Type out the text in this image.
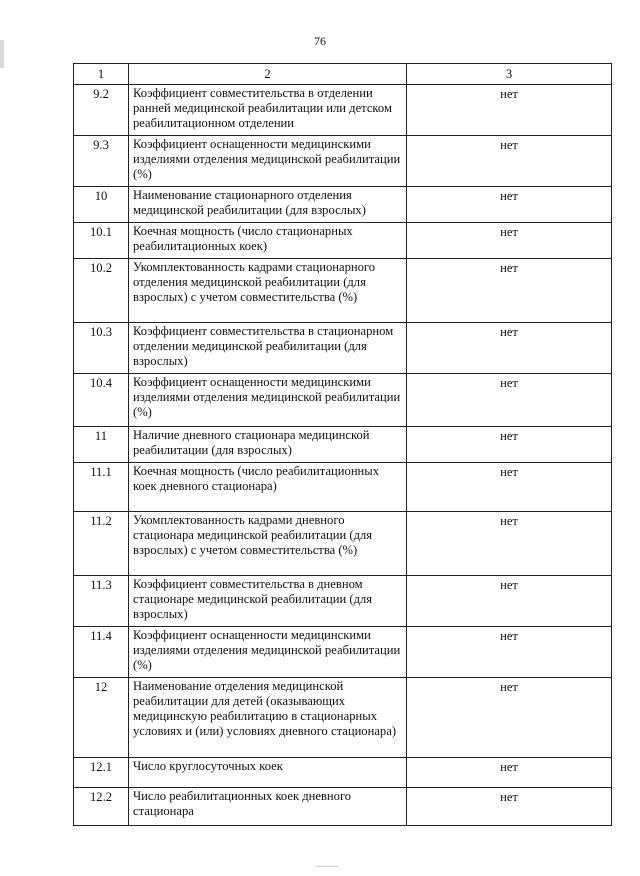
76
1	2	3
9.2	Коэффициент совместительства в отделении ранней медицинской реабилитации или детском реабилитационном отделении	нет
9.3	Коэффициент оснащенности медицинскими изделиями отделения медицинской реабилитации (%)	нет
10	Наименование стационарного отделения медицинской реабилитации (для взрослых)	нет
10.1	Коечная мощность (число стационарных реабилитационных коек)	нет
10.2	Укомплектованность кадрами стационарного отделения медицинской реабилитации (для взрослых) с учетом совместительства (%)	нет
10.3	Коэффициент совместительства в стационарном отделении медицинской реабилитации (для взрослых)	нет
10.4	Коэффициент оснащенности медицинскими изделиями отделения медицинской реабилитации (%)	нет
11	Наличие дневного стационара медицинской реабилитации (для взрослых)	нет
11.1	Коечная мощность (число реабилитационных коек дневного стационара)	нет
11.2	Укомплектованность кадрами дневного стационара медицинской реабилитации (для взрослых) с учетом совместительства (%)	нет
11.3	Коэффициент совместительства в дневном стационаре медицинской реабилитации (для взрослых)	нет
11.4	Коэффициент оснащенности медицинскими изделиями отделения медицинской реабилитации (%)	нет
12	Наименование отделения медицинской реабилитации для детей (оказывающих медицинскую реабилитацию в стационарных условиях и (или) условиях дневного стационара)	нет
12.1	Число круглосуточных коек	нет
12.2	Число реабилитационных коек дневного стационара	нет
